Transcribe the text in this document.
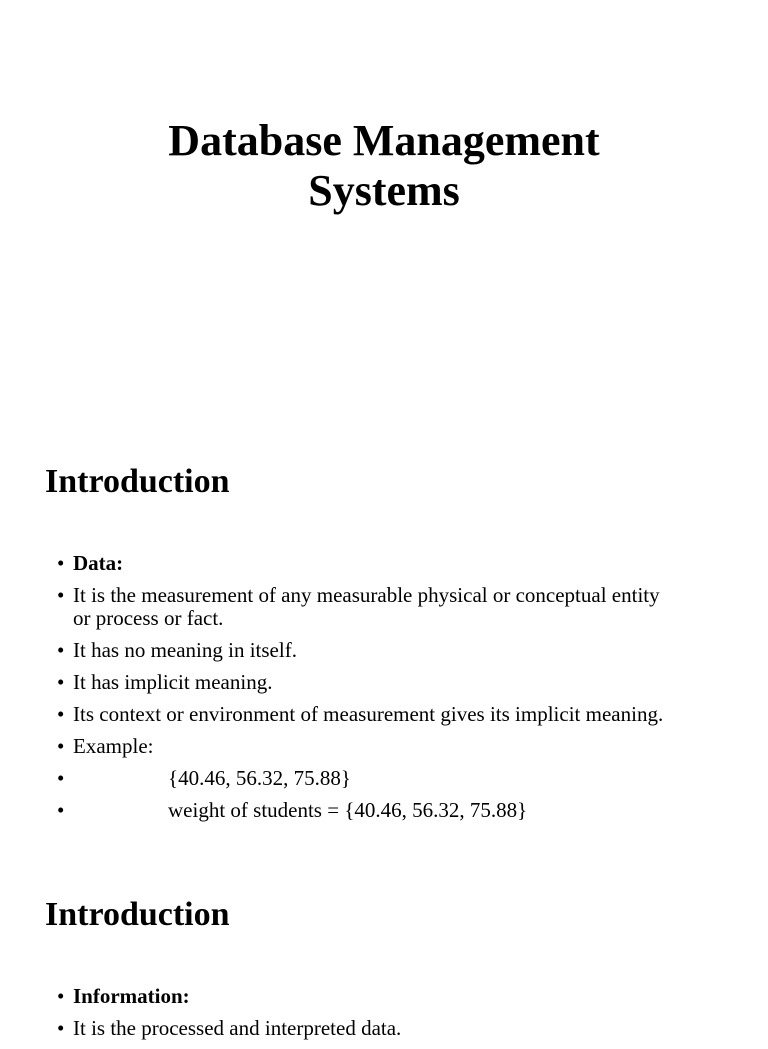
Database Management
Systems
Introduction
• Data:
• It is the measurement of any measurable physical or conceptual entity
or process or fact.
• It has no meaning in itself.
• It has implicit meaning.
• Its context or environment of measurement gives its implicit meaning.
• Example:
•	{40.46, 56.32, 75.88}
•	weight of students = {40.46, 56.32, 75.88}
Introduction
• Information:
• It is the processed and interpreted data.
